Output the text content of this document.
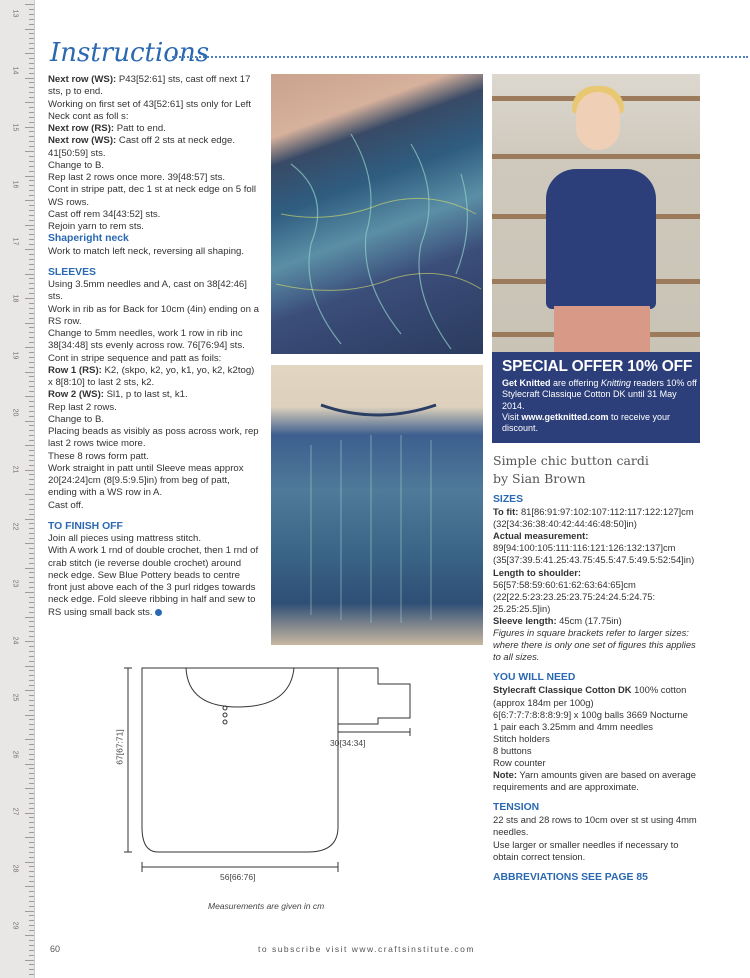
13
14
15
16
17
18
19
20
21
22
23
24
25
26
27
28
29
Instructions

Next row (WS): P43[52:61] sts, cast off next 17 sts, p to end.

Working on first set of 43[52:61] sts only for Left Neck cont as foll s:

Next row (RS): Patt to end.

Next row (WS): Cast off 2 sts at neck edge. 41[50:59] sts.

Change to B.

Rep last 2 rows once more. 39[48:57] sts.

Cont in stripe patt, dec 1 st at neck edge on 5 foll WS rows.

Cast off rem 34[43:52] sts.

Rejoin yarn to rem sts.

Shaperight neck

Work to match left neck, reversing all shaping.

SLEEVES

Using 3.5mm needles and A, cast on 38[42:46] sts.

Work in rib as for Back for 10cm (4in) ending on a RS row.

Change to 5mm needles, work 1 row in rib inc 38[34:48] sts evenly across row. 76[76:94] sts.

Cont in stripe sequence and patt as foils:

Row 1 (RS): K2, (skpo, k2, yo, k1, yo, k2, k2tog) x 8[8:10] to last 2 sts, k2.

Row 2 (WS): Sl1, p to last st, k1.

Rep last 2 rows.

Change to B.

Placing beads as visibly as poss across work, rep last 2 rows twice more.

These 8 rows form patt.

Work straight in patt until Sleeve meas approx 20[24:24]cm (8[9.5:9.5]in) from beg of patt, ending with a WS row in A.

Cast off.

TO FINISH OFF

Join all pieces using mattress stitch.

With A work 1 rnd of double crochet, then 1 rnd of crab stitch (ie reverse double crochet) around neck edge. Sew Blue Pottery beads to centre front just above each of the 3 purl ridges towards neck edge. Fold sleeve ribbing in half and sew to RS using small back sts.

SPECIAL OFFER 10% OFF
Get Knitted are offering Knitting readers 10% off Stylecraft Classique Cotton DK until 31 May 2014.
Visit www.getknitted.com to receive your discount.
Simple chic button cardi
by Sian Brown

SIZES

To fit: 81[86:91:97:102:107:112:117:122:127]cm (32[34:36:38:40:42:44:46:48:50]in)

Actual measurement:

89[94:100:105:111:116:121:126:132:137]cm (35[37:39.5:41.25:43.75:45.5:47.5:49.5:52:54]in)

Length to shoulder:

56[57:58:59:60:61:62:63:64:65]cm (22[22.5:23:23.25:23.75:24:24.5:24.75: 25.25:25.5]in)

Sleeve length: 45cm (17.75in)

Figures in square brackets refer to larger sizes: where there is only one set of figures this applies to all sizes.

YOU WILL NEED

Stylecraft Classique Cotton DK 100% cotton (approx 184m per 100g)

6[6:7:7:7:8:8:8:9:9] x 100g balls 3669 Nocturne

1 pair each 3.25mm and 4mm needles

Stitch holders

8 buttons

Row counter

Note: Yarn amounts given are based on average requirements and are approximate.

TENSION

22 sts and 28 rows to 10cm over st st using 4mm needles.

Use larger or smaller needles if necessary to obtain correct tension.

ABBREVIATIONS SEE PAGE 85

67[67:71]	30[34:34]
56[66:76]
Measurements are given in cm
60	to subscribe visit www.craftsinstitute.com
